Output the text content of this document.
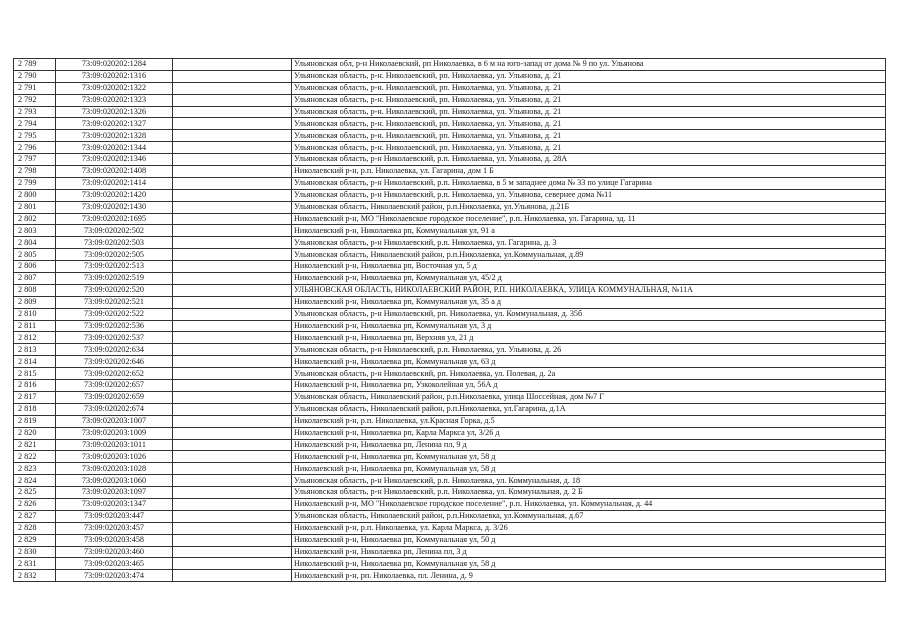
2 789	73:09:020202:1284		Ульяновская обл, р-н Николаевский, рп Николаевка, в 6 м на юго-запад от дома № 9 по ул. Ульянова
2 790	73:09:020202:1316		Ульяновская область, р-н. Николаевский, рп. Николаевка, ул. Ульянова, д. 21
2 791	73:09:020202:1322		Ульяновская область, р-н. Николаевский, рп. Николаевка, ул. Ульянова, д. 21
2 792	73:09:020202:1323		Ульяновская область, р-н. Николаевский, рп. Николаевка, ул. Ульянова, д. 21
2 793	73:09:020202:1326		Ульяновская область, р-н. Николаевский, рп. Николаевка, ул. Ульянова, д. 21
2 794	73:09:020202:1327		Ульяновская область, р-н. Николаевский, рп. Николаевка, ул. Ульянова, д. 21
2 795	73:09:020202:1328		Ульяновская область, р-н. Николаевский, рп. Николаевка, ул. Ульянова, д. 21
2 796	73:09:020202:1344		Ульяновская область, р-н. Николаевский, рп. Николаевка, ул. Ульянова, д. 21
2 797	73:09:020202:1346		Ульяновская область, р-н Николаевский, р.п. Николаевка, ул. Ульянова, д. 28А
2 798	73:09:020202:1408		Николаевский р-н, р.п. Николаевка, ул. Гагарина, дом 1 Б
2 799	73:09:020202:1414		Ульяновская область, р-н Николаевский, р.п. Николаевка, в 5 м западнее дома № 33 по улице Гагарина
2 800	73:09:020202:1420		Ульяновская область, р-н Николаевский, р.п. Николаевка, ул. Ульянова, севернее дома №11
2 801	73:09:020202:1430		Ульяновская область, Николаевский район, р.п.Николаевка, ул.Ульянова, д.21Б
2 802	73:09:020202:1695		Николаевский р-н, МО "Николаевское городское поселение", р.п. Николаевка, ул. Гагарина, зд. 11
2 803	73:09:020202:502		Николаевский р-н, Николаевка рп, Коммунальная ул, 91 а
2 804	73:09:020202:503		Ульяновская область, р-н Николаевский, р.п. Николаевка, ул. Гагарина, д. 3
2 805	73:09:020202:505		Ульяновская область, Николаевский район, р.п.Николаевка, ул.Коммунальная, д.89
2 806	73:09:020202:513		Николаевский р-н, Николаевка рп, Восточная ул, 5 д
2 807	73:09:020202:519		Николаевский р-н, Николаевка рп, Коммунальная ул, 45/2 д
2 808	73:09:020202:520		УЛЬЯНОВСКАЯ ОБЛАСТЬ, НИКОЛАЕВСКИЙ РАЙОН, Р.П. НИКОЛАЕВКА, УЛИЦА КОММУНАЛЬНАЯ, №11А
2 809	73:09:020202:521		Николаевский р-н, Николаевка рп, Коммунальная ул, 35 а д
2 810	73:09:020202:522		Ульяновская область, р-н Николаевский, рп. Николаевка, ул. Коммунальная, д. 35б
2 811	73:09:020202:536		Николаевский р-н, Николаевка рп, Коммунальная ул, 3 д
2 812	73:09:020202:537		Николаевский р-н, Николаевка рп, Верхняя ул, 21 д
2 813	73:09:020202:634		Ульяновская область, р-н Николаевский, р.п. Николаевка, ул. Ульянова, д. 26
2 814	73:09:020202:646		Николаевский р-н, Николаевка рп, Коммунальная ул, 63 д
2 815	73:09:020202:652		Ульяновская область, р-н Николаевский, рп. Николаевка, ул. Полевая, д. 2а
2 816	73:09:020202:657		Николаевский р-н, Николаевка рп, Узкоколейная ул, 56А д
2 817	73:09:020202:659		Ульяновская область, Николаевский район, р.п.Николаевка, улица Шоссейная, дом №7 Г
2 818	73:09:020202:674		Ульяновская область, Николаевский район, р.п.Николаевка, ул.Гагарина, д.1А
2 819	73:09:020203:1007		Николаевский р-н, р.п. Николаевка, ул.Красная Горка, д.5
2 820	73:09:020203:1009		Николаевский р-н, Николаевка рп, Карла Маркса ул, 3/26 д
2 821	73:09:020203:1011		Николаевский р-н, Николаевка рп, Ленина пл, 9 д
2 822	73:09:020203:1026		Николаевский р-н, Николаевка рп, Коммунальная ул, 58 д
2 823	73:09:020203:1028		Николаевский р-н, Николаевка рп, Коммунальная ул, 58 д
2 824	73:09:020203:1060		Ульяновская область, р-н Николаевский, р.п. Николаевка, ул. Коммунальная, д. 18
2 825	73:09:020203:1097		Ульяновская область, р-н Николаевский, р.п. Николаевка, ул. Коммунальная, д. 2 Б
2 826	73:09:020203:1347		Николаевский р-н, МО "Николаевское городское поселение", р.п. Николаевка, ул. Коммунальная, д. 44
2 827	73:09:020203:447		Ульяновская область, Николаевский район, р.п.Николаевка, ул.Коммунальная, д.67
2 828	73:09:020203:457		Николаевский р-н, р.п. Николаевка, ул. Карла Маркса, д. 3/26
2 829	73:09:020203:458		Николаевский р-н, Николаевка рп, Коммунальная ул, 50 д
2 830	73:09:020203:460		Николаевский р-н, Николаевка рп, Ленина пл, 3 д
2 831	73:09:020203:465		Николаевский р-н, Николаевка рп, Коммунальная ул, 58 д
2 832	73:09:020203:474		Николаевский р-н, рп. Николаевка, пл. Ленина, д. 9
